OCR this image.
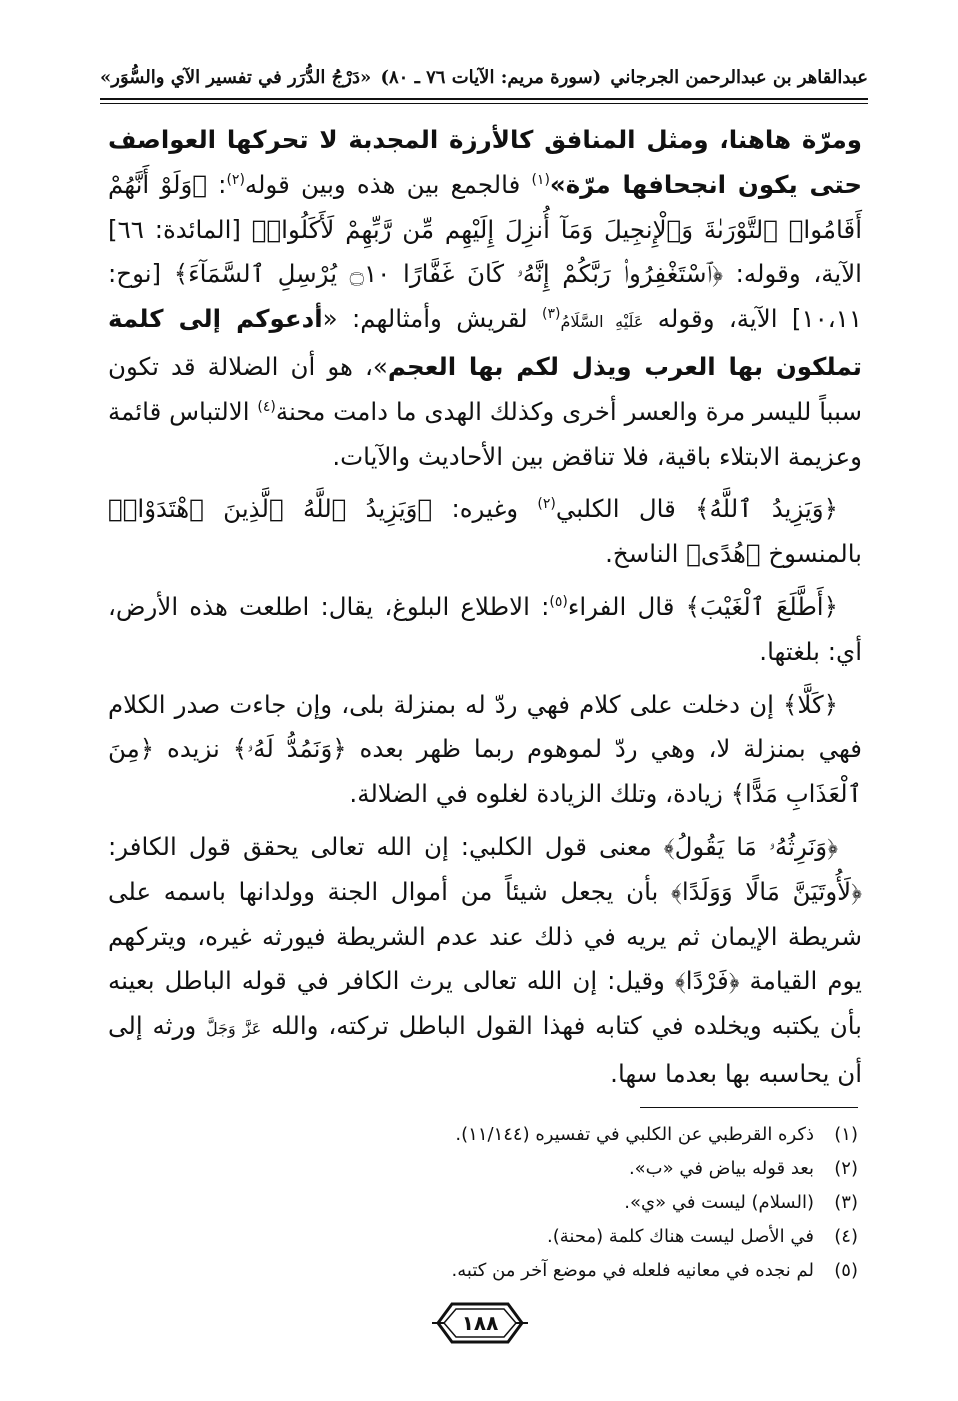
عبدالقاهر بن عبدالرحمن الجرجاني
(سورة مريم: الآيات ٧٦ ـ ٨٠)
«دَرْجُ الدُّرَر في تفسير الآي والسُّوَر»

ومرّة هاهنا، ومثل المنافق كالأرزة المجدبة لا تحركها العواصف حتى يكون انجحافها مرّة»$^{(١)}$ فالجمع بين هذه وبين قوله$^{(٢)}$: ﴿وَلَوْ أَنَّهُمْ أَقَامُوا۟ ٱلتَّوْرَىٰةَ وَٱلْإِنجِيلَ وَمَآ أُنزِلَ إِلَيْهِم مِّن رَّبِّهِمْ لَأَكَلُوا۟﴾ [المائدة: ٦٦] الآية، وقوله: ﴿ٱسْتَغْفِرُوا۟ رَبَّكُمْ إِنَّهُۥ كَانَ غَفَّارًا ۝١٠ يُرْسِلِ ٱلسَّمَآءَ﴾ [نوح: ١٠،١١] الآية، وقوله عَلَيْهِ السَّلَامُ$^{(٣)}$ لقريش وأمثالهم: «أدعوكم إلى كلمة تملكون بها العرب ويذل لكم بها العجم»، هو أن الضلالة قد تكون سبباً لليسر مرة والعسر أخرى وكذلك الهدى ما دامت محنة$^{(٤)}$ الالتباس قائمة وعزيمة الابتلاء باقية، فلا تناقض بين الأحاديث والآيات.

﴿وَيَزِيدُ ٱللَّهُ﴾ قال الكلبي$^{(٢)}$ وغيره: ﴿وَيَزِيدُ ٱللَّهُ ٱلَّذِينَ ٱهْتَدَوْا۟﴾ بالمنسوخ ﴿هُدًى﴾ الناسخ.

﴿أَطَّلَعَ ٱلْغَيْبَ﴾ قال الفراء$^{(٥)}$: الاطلاع البلوغ، يقال: اطلعت هذه الأرض، أي: بلغتها.

﴿كَلَّا﴾ إن دخلت على كلام فهي ردّ له بمنزلة بلى، وإن جاءت صدر الكلام فهي بمنزلة لا، وهي ردّ لموهوم ربما ظهر بعده ﴿وَنَمُدُّ لَهُۥ﴾ نزيده ﴿مِنَ ٱلْعَذَابِ مَدًّا﴾ زيادة، وتلك الزيادة لغلوه في الضلالة.

﴿وَنَرِثُهُۥ مَا يَقُولُ﴾ معنى قول الكلبي: إن الله تعالى يحقق قول الكافر: ﴿لَأُوتَيَنَّ مَالًا وَوَلَدًا﴾ بأن يجعل شيئاً من أموال الجنة وولدانها باسمه على شريطة الإيمان ثم يريه في ذلك عند عدم الشريطة فيورثه غيره، ويتركهم يوم القيامة ﴿فَرْدًا﴾ وقيل: إن الله تعالى يرث الكافر في قوله الباطل بعينه بأن يكتبه ويخلده في كتابه فهذا القول الباطل تركته، والله عَزَّ وَجَلَّ ورثه إلى أن يحاسبه بها بعدما سها.

(١)
ذكره القرطبي عن الكلبي في تفسيره (١١/١٤٤).
(٢)
بعد قوله بياض في «ب».
(٣)
(السلام) ليست في «ي».
(٤)
في الأصل ليست هناك كلمة (محنة).
(٥)
لم نجده في معانيه فلعله في موضع آخر من كتبه.
١٨٨
